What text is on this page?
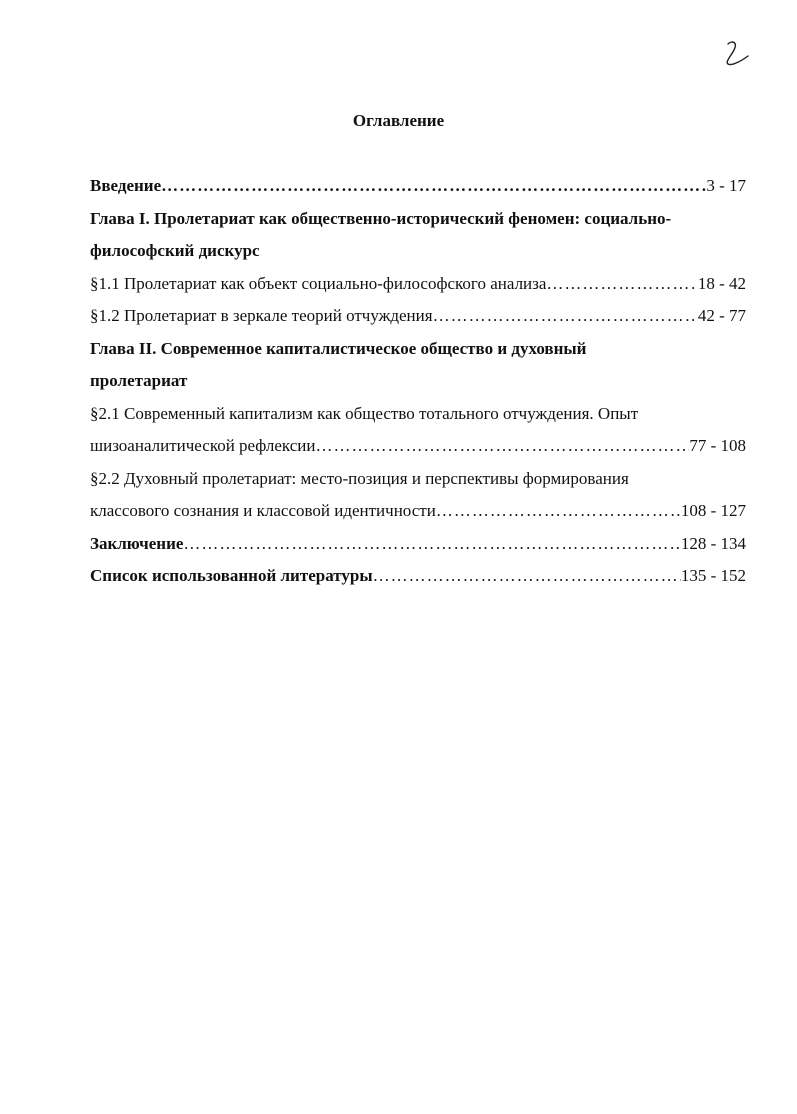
Оглавление
Введение …………………………………………………………………………………………………………………………………………………………………………………………………………	3 - 17
Глава I. Пролетариат как общественно-исторический феномен: социально-
философский дискурс
§1.1 Пролетариат как объект социально-философского анализа …………………………………………………………………………………………………………………………………………………………………………………………………………	18 - 42
§1.2 Пролетариат в зеркале теорий отчуждения …………………………………………………………………………………………………………………………………………………………………………………………………………	42 - 77
Глава II. Современное капиталистическое общество и духовный
пролетариат
§2.1 Современный капитализм как общество тотального отчуждения. Опыт
шизоаналитической рефлексии …………………………………………………………………………………………………………………………………………………………………………………………………………	77 - 108
§2.2 Духовный пролетариат: место-позиция и перспективы формирования
классового сознания и классовой идентичности …………………………………………………………………………………………………………………………………………………………………………………………………………	108 - 127
Заключение …………………………………………………………………………………………………………………………………………………………………………………………………………	128 - 134
Список использованной литературы …………………………………………………………………………………………………………………………………………………………………………………………………………	135 - 152
